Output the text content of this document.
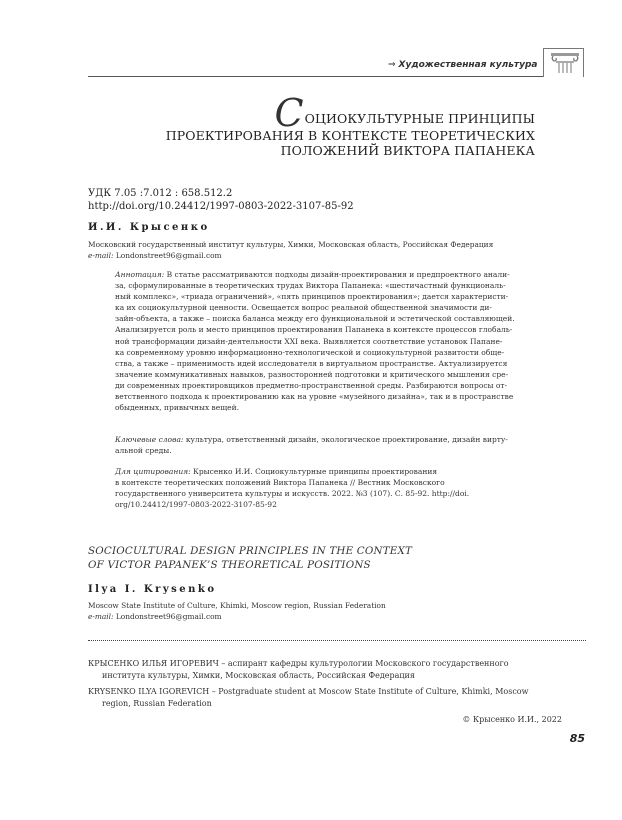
⇒ Художественная культура
СОЦИОКУЛЬТУРНЫЕ ПРИНЦИПЫ
ПРОЕКТИРОВАНИЯ В КОНТЕКСТЕ ТЕОРЕТИЧЕСКИХ
ПОЛОЖЕНИЙ ВИКТОРА ПАПАНЕКА
УДК 7.05 :7.012 : 658.512.2
http://doi.org/10.24412/1997-0803-2022-3107-85-92
И.И. Крысенко
Московский государственный институт культуры, Химки, Московская область, Российская Федерация
e-mail: Londonstreet96@gmail.com
Аннотация: В статье рассматриваются подходы дизайн-проектирования и предпроектного анали-
за, сформулированные в теоретических трудах Виктора Папанека: «шестичастный функциональ-
ный комплекс», «триада ограничений», «пять принципов проектирования»; дается характеристи-
ка их социокультурной ценности. Освещается вопрос реальной общественной значимости ди-
зайн-объекта, а также – поиска баланса между его функциональной и эстетической составляющей.
Анализируется роль и место принципов проектирования Папанека в контексте процессов глобаль-
ной трансформации дизайн-деятельности XXI века. Выявляется соответствие установок Папане-
ка современному уровню информационно-технологической и социокультурной развитости обще-
ства, а также – применимость идей исследователя в виртуальном пространстве. Актуализируется
значение коммуникативных навыков, разносторонней подготовки и критического мышления сре-
ди современных проектировщиков предметно-пространственной среды. Разбираются вопросы от-
ветственного подхода к проектированию как на уровне «музейного дизайна», так и в пространстве
обыденных, привычных вещей.
Ключевые слова: культура, ответственный дизайн, экологическое проектирование, дизайн вирту-
альной среды.
Для цитирования: Крысенко И.И. Социокультурные принципы проектирования
в контексте теоретических положений Виктора Папанека // Вестник Московского
государственного университета культуры и искусств. 2022. №3 (107). С. 85-92. http://doi.
org/10.24412/1997-0803-2022-3107-85-92
SOCIOCULTURAL DESIGN PRINCIPLES IN THE CONTEXT
OF VICTOR PAPANEK’S THEORETICAL POSITIONS
Ilya I. Krysenko
Moscow State Institute of Culture, Khimki, Moscow region, Russian Federation
e-mail: Londonstreet96@gmail.com
КРЫСЕНКО ИЛЬЯ ИГОРЕВИЧ – аспирант кафедры культурологии Московского государственного
института культуры, Химки, Московская область, Российская Федерация
KRYSENKO ILYA IGOREVICH – Postgraduate student at Moscow State Institute of Culture, Khimki, Moscow
region, Russian Federation
© Крысенко И.И., 2022
85
